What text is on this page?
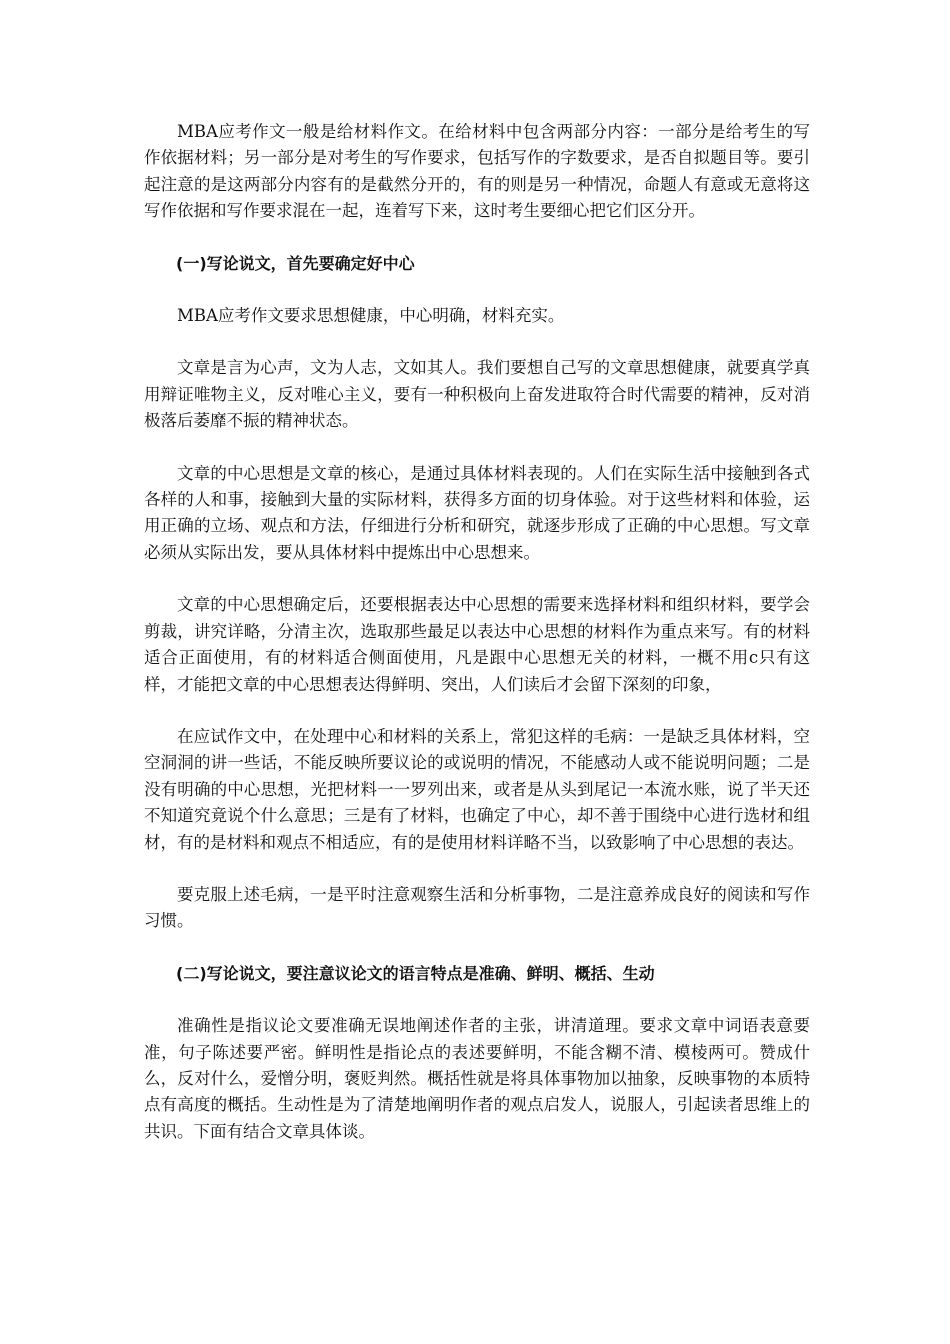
MBA应考作文一般是给材料作文。在给材料中包含两部分内容：一部分是给考生的写作依据材料；另一部分是对考生的写作要求，包括写作的字数要求，是否自拟题目等。要引起注意的是这两部分内容有的是截然分开的，有的则是另一种情况，命题人有意或无意将这写作依据和写作要求混在一起，连着写下来，这时考生要细心把它们区分开。

(一)写论说文，首先要确定好中心

MBA应考作文要求思想健康，中心明确，材料充实。

文章是言为心声，文为人志，文如其人。我们要想自己写的文章思想健康，就要真学真用辩证唯物主义，反对唯心主义，要有一种积极向上奋发进取符合时代需要的精神，反对消极落后萎靡不振的精神状态。

文章的中心思想是文章的核心，是通过具体材料表现的。人们在实际生活中接触到各式各样的人和事，接触到大量的实际材料，获得多方面的切身体验。对于这些材料和体验，运用正确的立场、观点和方法，仔细进行分析和研究，就逐步形成了正确的中心思想。写文章必须从实际出发，要从具体材料中提炼出中心思想来。

文章的中心思想确定后，还要根据表达中心思想的需要来选择材料和组织材料，要学会剪裁，讲究详略，分清主次，选取那些最足以表达中心思想的材料作为重点来写。有的材料适合正面使用，有的材料适合侧面使用，凡是跟中心思想无关的材料，一概不用c只有这样，才能把文章的中心思想表达得鲜明、突出，人们读后才会留下深刻的印象，

在应试作文中，在处理中心和材料的关系上，常犯这样的毛病：一是缺乏具体材料，空空洞洞的讲一些话，不能反映所要议论的或说明的情况，不能感动人或不能说明问题；二是没有明确的中心思想，光把材料一一罗列出来，或者是从头到尾记一本流水账，说了半天还不知道究竟说个什么意思；三是有了材料，也确定了中心，却不善于围绕中心进行选材和组材，有的是材料和观点不相适应，有的是使用材料详略不当，以致影响了中心思想的表达。

要克服上述毛病，一是平时注意观察生活和分析事物，二是注意养成良好的阅读和写作习惯。

(二)写论说文，要注意议论文的语言特点是准确、鲜明、概括、生动

准确性是指议论文要准确无误地阐述作者的主张，讲清道理。要求文章中词语表意要准，句子陈述要严密。鲜明性是指论点的表述要鲜明，不能含糊不清、模棱两可。赞成什么，反对什么，爱憎分明，褒贬判然。概括性就是将具体事物加以抽象，反映事物的本质特点有高度的概括。生动性是为了清楚地阐明作者的观点启发人，说服人，引起读者思维上的共识。下面有结合文章具体谈。
